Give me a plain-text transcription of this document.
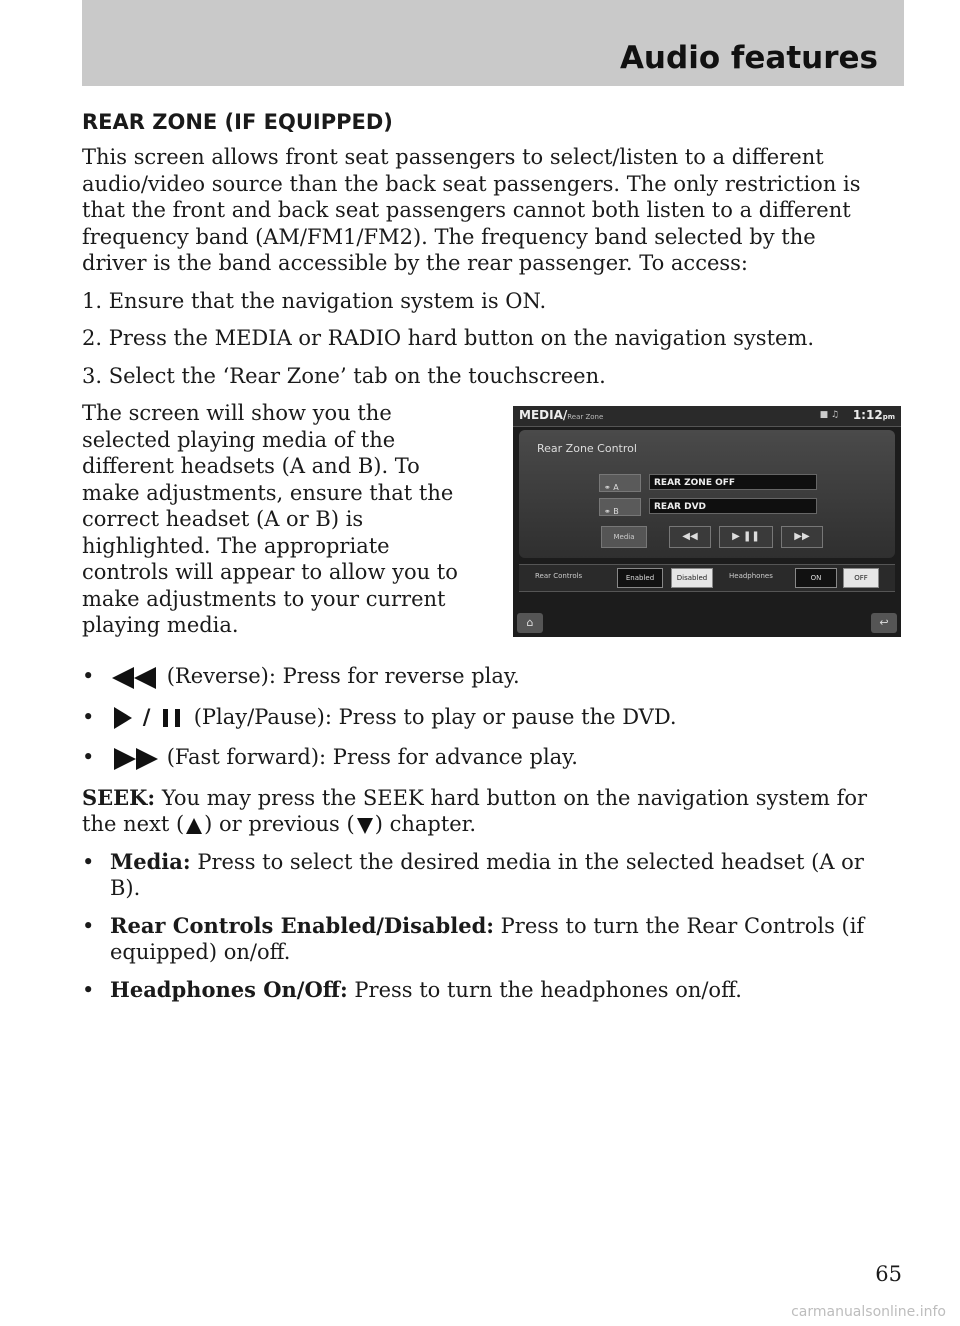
Audio features
REAR ZONE (IF EQUIPPED)

This screen allows front seat passengers to select/listen to a different audio/video source than the back seat passengers. The only restriction is that the front and back seat passengers cannot both listen to a different frequency band (AM/FM1/FM2). The frequency band selected by the driver is the band accessible by the rear passenger. To access:

1. Ensure that the navigation system is ON.

2. Press the MEDIA or RADIO hard button on the navigation system.

3. Select the ‘Rear Zone’ tab on the touchscreen.

The screen will show you the selected playing media of the different headsets (A and B). To make adjustments, ensure that the correct headset (A or B) is highlighted. The appropriate controls will appear to allow you to make adjustments to your current playing media.

•	(Reverse): Press for reverse play.
• / (Play/Pause): Press to play or pause the DVD.
•	(Fast forward): Press for advance play.

SEEK: You may press the SEEK hard button on the navigation system for the next ( ) or previous ( ) chapter.

• Media: Press to select the desired media in the selected headset (A or B).
• Rear Controls Enabled/Disabled: Press to turn the Rear Controls (if equipped) on/off.
• Headphones On/Off: Press to turn the headphones on/off.
MEDIA/Rear Zone	■ ♫ 1:12pm
Rear Zone Control
⚭ A	REAR ZONE OFF
⚭ B	REAR DVD
Media	◀◀	▶ ❚❚	▶▶
Rear Controls	Enabled	Disabled	Headphones	ON	OFF
⌂	↩
65
carmanualsonline.info
